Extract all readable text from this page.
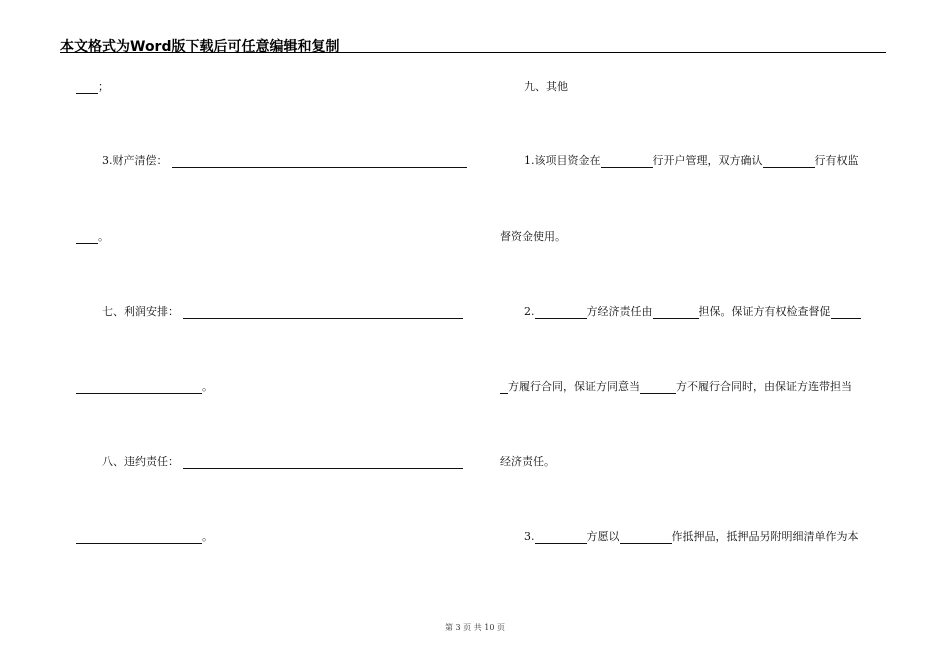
本文格式为Word版下载后可任意编辑和复制
；
3.财产清偿：
。
七、利润安排：
。
八、违约责任：
。
九、其他
1.该项目资金在	行开户管理，双方确认	行有权监
督资金使用。
2.	方经济责任由	担保。保证方有权检查督促
方履行合同，保证方同意当	方不履行合同时，由保证方连带担当
经济责任。
3.	方愿以	作抵押品，抵押品另附明细清单作为本
第 3 页 共 10 页
